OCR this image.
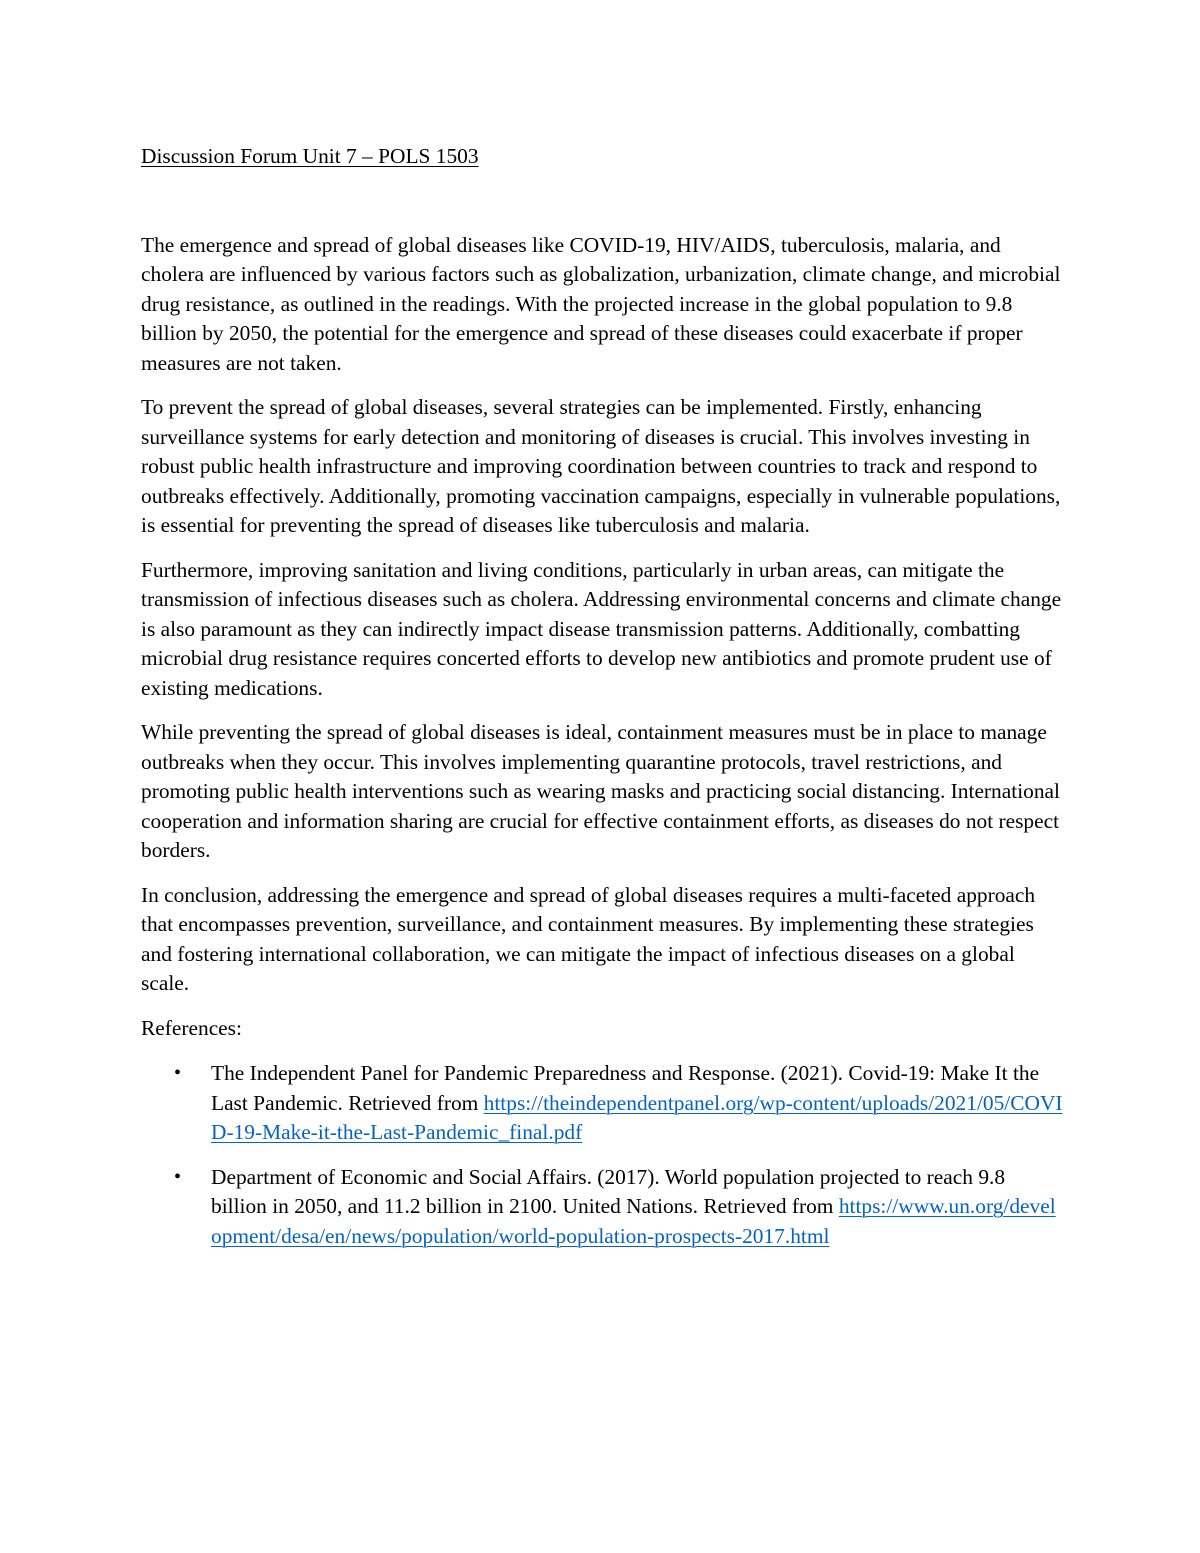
Discussion Forum Unit 7 – POLS 1503

The emergence and spread of global diseases like COVID-19, HIV/AIDS, tuberculosis, malaria, and cholera are influenced by various factors such as globalization, urbanization, climate change, and microbial drug resistance, as outlined in the readings. With the projected increase in the global population to 9.8 billion by 2050, the potential for the emergence and spread of these diseases could exacerbate if proper measures are not taken.

To prevent the spread of global diseases, several strategies can be implemented. Firstly, enhancing surveillance systems for early detection and monitoring of diseases is crucial. This involves investing in robust public health infrastructure and improving coordination between countries to track and respond to outbreaks effectively. Additionally, promoting vaccination campaigns, especially in vulnerable populations, is essential for preventing the spread of diseases like tuberculosis and malaria.

Furthermore, improving sanitation and living conditions, particularly in urban areas, can mitigate the transmission of infectious diseases such as cholera. Addressing environmental concerns and climate change is also paramount as they can indirectly impact disease transmission patterns. Additionally, combatting microbial drug resistance requires concerted efforts to develop new antibiotics and promote prudent use of existing medications.

While preventing the spread of global diseases is ideal, containment measures must be in place to manage outbreaks when they occur. This involves implementing quarantine protocols, travel restrictions, and promoting public health interventions such as wearing masks and practicing social distancing. International cooperation and information sharing are crucial for effective containment efforts, as diseases do not respect borders.

In conclusion, addressing the emergence and spread of global diseases requires a multi-faceted approach that encompasses prevention, surveillance, and containment measures. By implementing these strategies and fostering international collaboration, we can mitigate the impact of infectious diseases on a global scale.

References:

• The Independent Panel for Pandemic Preparedness and Response. (2021). Covid-19: Make It the Last Pandemic. Retrieved from https://theindependentpanel.org/wp-content/uploads/2021/05/COVID-19-Make-it-the-Last-Pandemic_final.pdf
• Department of Economic and Social Affairs. (2017). World population projected to reach 9.8 billion in 2050, and 11.2 billion in 2100. United Nations. Retrieved from https://www.un.org/development/desa/en/news/population/world-population-prospects-2017.html
